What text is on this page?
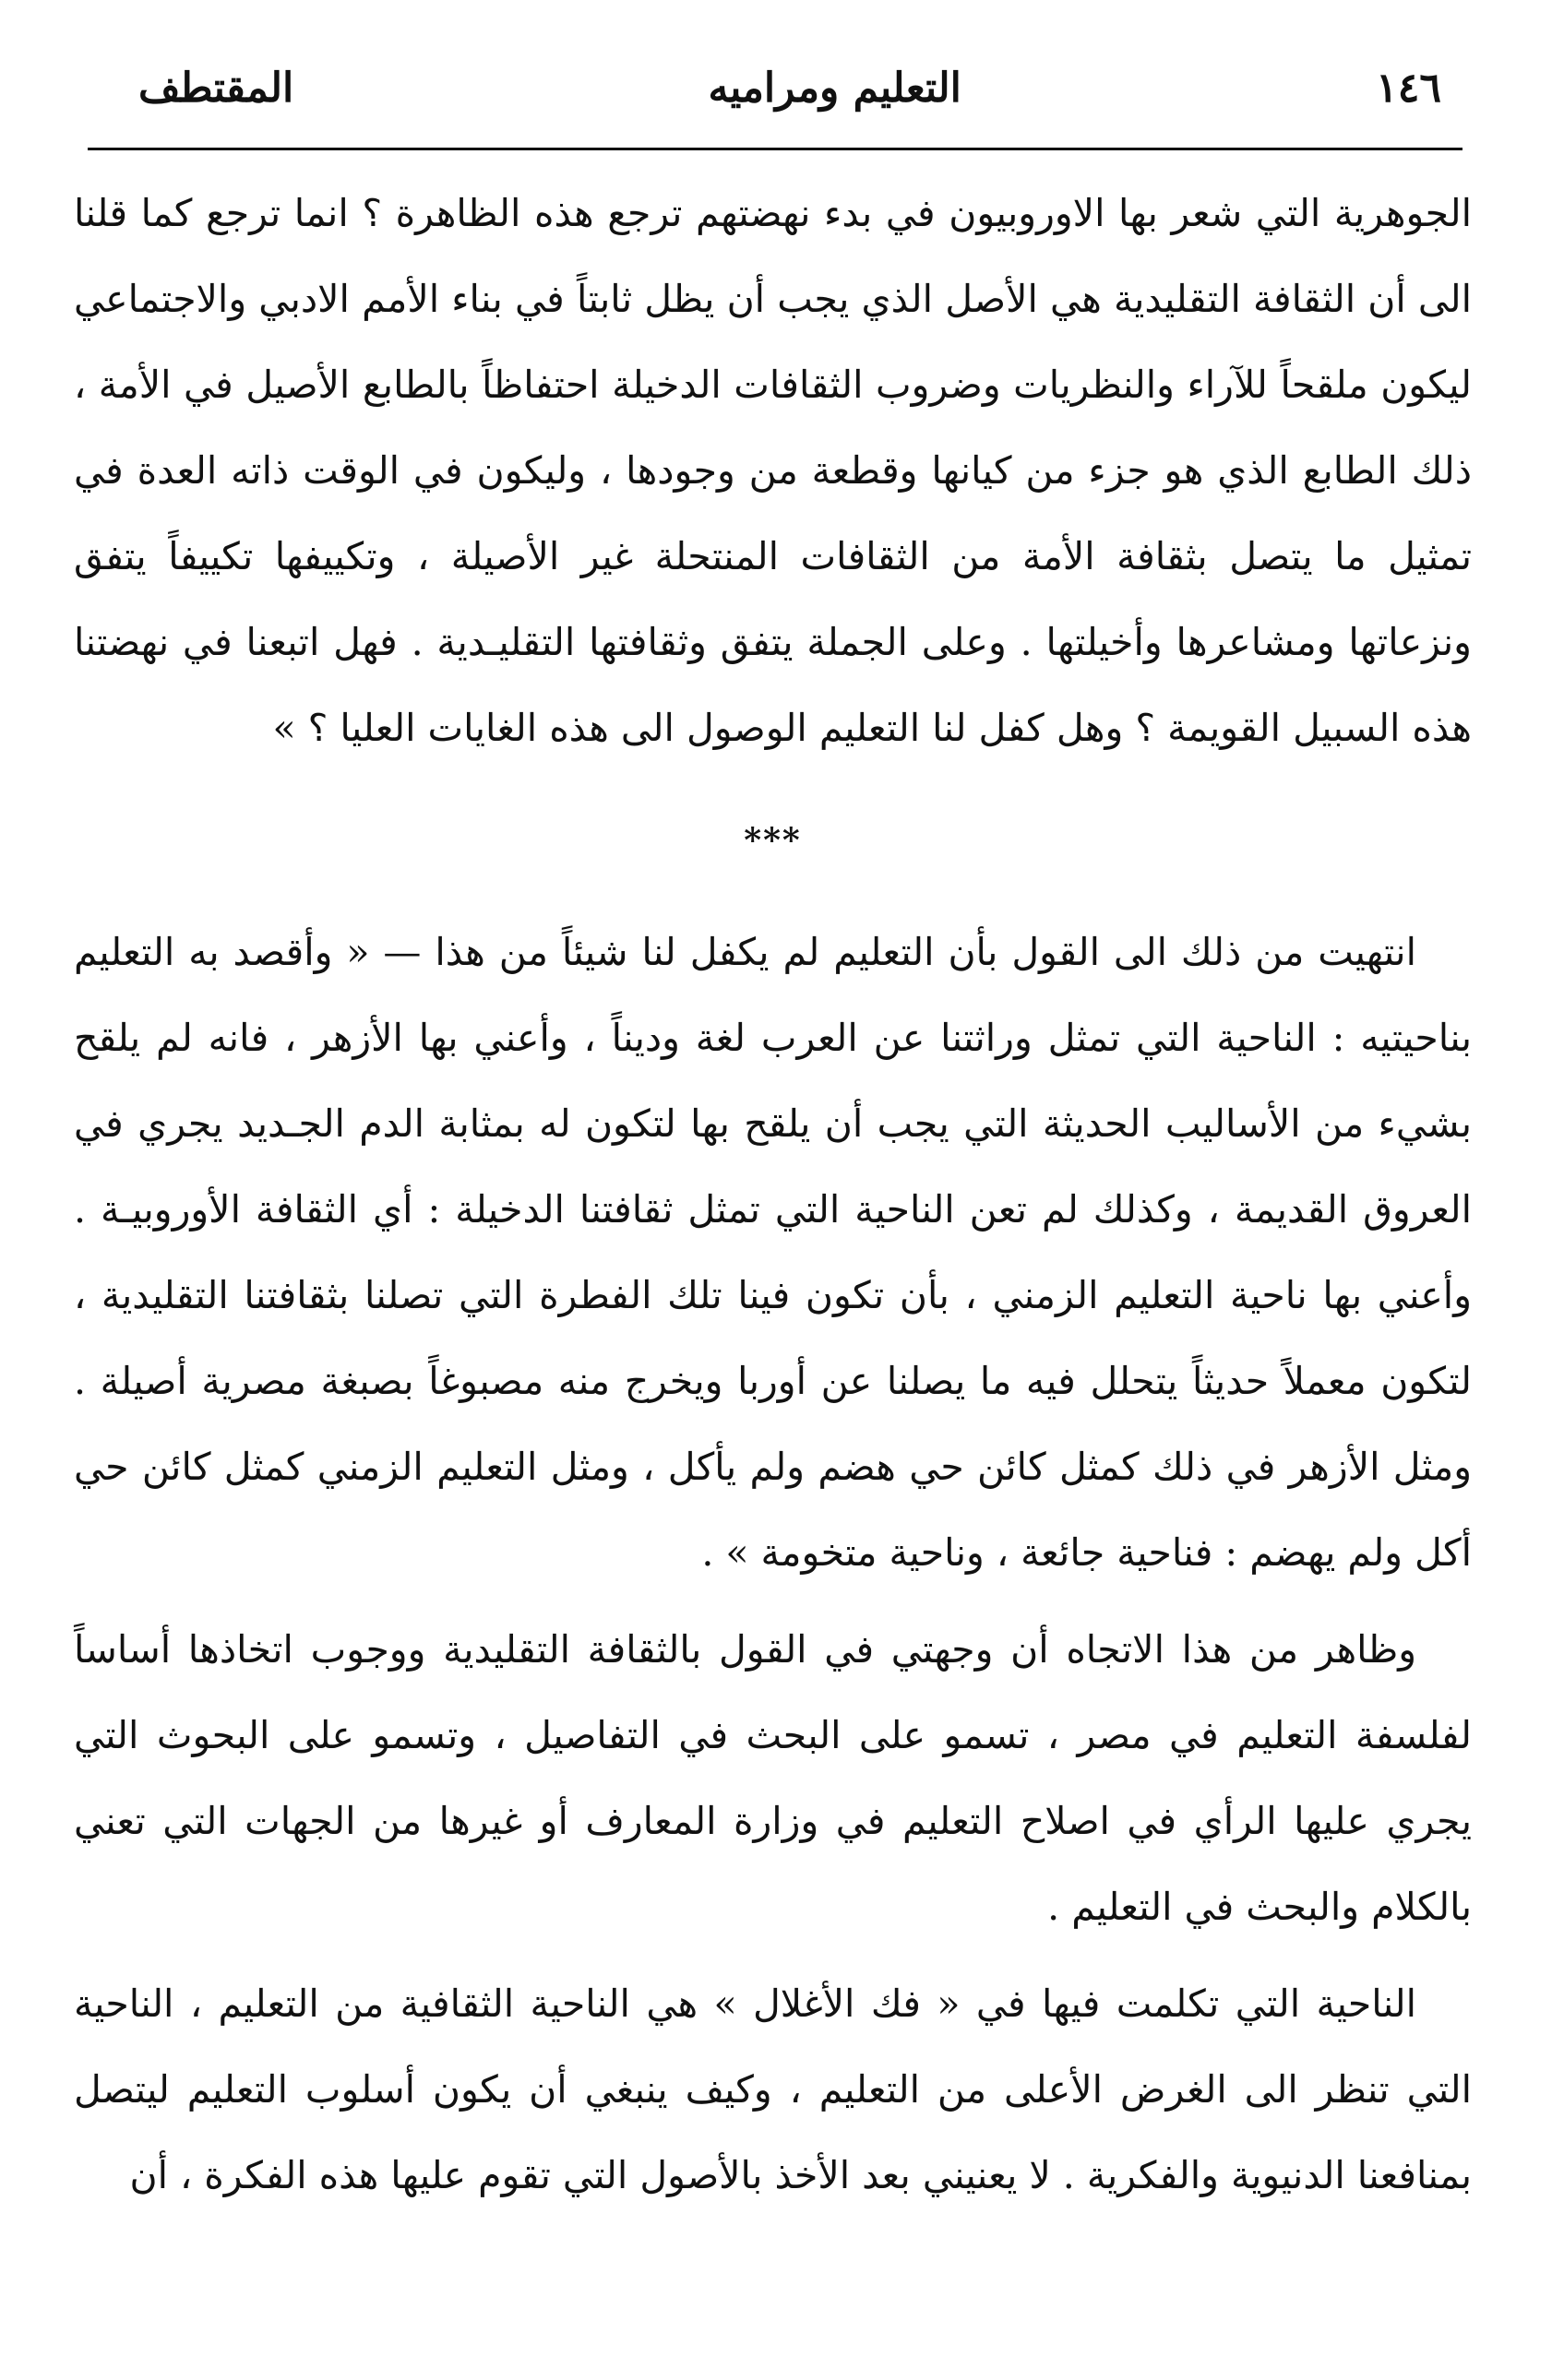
١٤٦
التعليم ومراميه
المقتطف

الجوهرية التي شعر بها الاوروبيون في بدء نهضتهم ترجع هذه الظاهرة ؟ انما ترجع كما قلنا الى أن الثقافة التقليدية هي الأصل الذي يجب أن يظل ثابتاً في بناء الأمم الادبي والاجتماعي ليكون ملقحاً للآراء والنظريات وضروب الثقافات الدخيلة احتفاظاً بالطابع الأصيل في الأمة ، ذلك الطابع الذي هو جزء من كيانها وقطعة من وجودها ، وليكون في الوقت ذاته العدة في تمثيل ما يتصل بثقافة الأمة من الثقافات المنتحلة غير الأصيلة ، وتكييفها تكييفاً يتفق ونزعاتها ومشاعرها وأخيلتها . وعلى الجملة يتفق وثقافتها التقليـدية . فهل اتبعنا في نهضتنا هذه السبيل القويمة ؟ وهل كفل لنا التعليم الوصول الى هذه الغايات العليا ؟ »

***

انتهيت من ذلك الى القول بأن التعليم لم يكفل لنا شيئاً من هذا — « وأقصد به التعليم بناحيتيه : الناحية التي تمثل وراثتنا عن العرب لغة وديناً ، وأعني بها الأزهر ، فانه لم يلقح بشيء من الأساليب الحديثة التي يجب أن يلقح بها لتكون له بمثابة الدم الجـديد يجري في العروق القديمة ، وكذلك لم تعن الناحية التي تمثل ثقافتنا الدخيلة : أي الثقافة الأوروبيـة . وأعني بها ناحية التعليم الزمني ، بأن تكون فينا تلك الفطرة التي تصلنا بثقافتنا التقليدية ، لتكون معملاً حديثاً يتحلل فيه ما يصلنا عن أوربا ويخرج منه مصبوغاً بصبغة مصرية أصيلة . ومثل الأزهر في ذلك كمثل كائن حي هضم ولم يأكل ، ومثل التعليم الزمني كمثل كائن حي أكل ولم يهضم : فناحية جائعة ، وناحية متخومة » .

وظاهر من هذا الاتجاه أن وجهتي في القول بالثقافة التقليدية ووجوب اتخاذها أساساً لفلسفة التعليم في مصر ، تسمو على البحث في التفاصيل ، وتسمو على البحوث التي يجري عليها الرأي في اصلاح التعليم في وزارة المعارف أو غيرها من الجهات التي تعني بالكلام والبحث في التعليم .

الناحية التي تكلمت فيها في « فك الأغلال » هي الناحية الثقافية من التعليم ، الناحية التي تنظر الى الغرض الأعلى من التعليم ، وكيف ينبغي أن يكون أسلوب التعليم ليتصل بمنافعنا الدنيوية والفكرية . لا يعنيني بعد الأخذ بالأصول التي تقوم عليها هذه الفكرة ، أن
